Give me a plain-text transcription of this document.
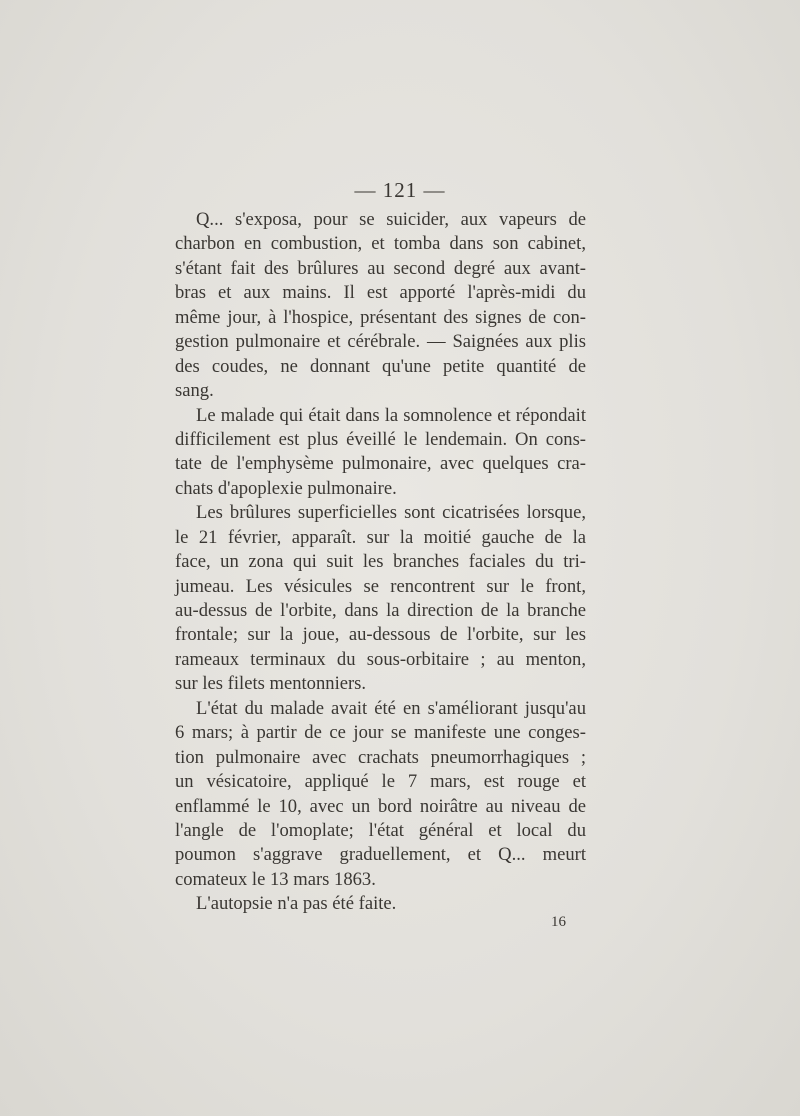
— 121 —
Q... s'exposa, pour se suicider, aux vapeurs de
charbon en combustion, et tomba dans son cabinet,
s'étant fait des brûlures au second degré aux avant-
bras et aux mains. Il est apporté l'après-midi du
même jour, à l'hospice, présentant des signes de con-
gestion pulmonaire et cérébrale. — Saignées aux plis
des coudes, ne donnant qu'une petite quantité de
sang.
Le malade qui était dans la somnolence et répondait
difficilement est plus éveillé le lendemain. On cons-
tate de l'emphysème pulmonaire, avec quelques cra-
chats d'apoplexie pulmonaire.
Les brûlures superficielles sont cicatrisées lorsque,
le 21 février, apparaît. sur la moitié gauche de la
face, un zona qui suit les branches faciales du tri-
jumeau. Les vésicules se rencontrent sur le front,
au-dessus de l'orbite, dans la direction de la branche
frontale; sur la joue, au-dessous de l'orbite, sur les
rameaux terminaux du sous-orbitaire ; au menton,
sur les filets mentonniers.
L'état du malade avait été en s'améliorant jusqu'au
6 mars; à partir de ce jour se manifeste une conges-
tion pulmonaire avec crachats pneumorrhagiques ;
un vésicatoire, appliqué le 7 mars, est rouge et
enflammé le 10, avec un bord noirâtre au niveau de
l'angle de l'omoplate; l'état général et local du
poumon s'aggrave graduellement, et Q... meurt
comateux le 13 mars 1863.
L'autopsie n'a pas été faite.
16
